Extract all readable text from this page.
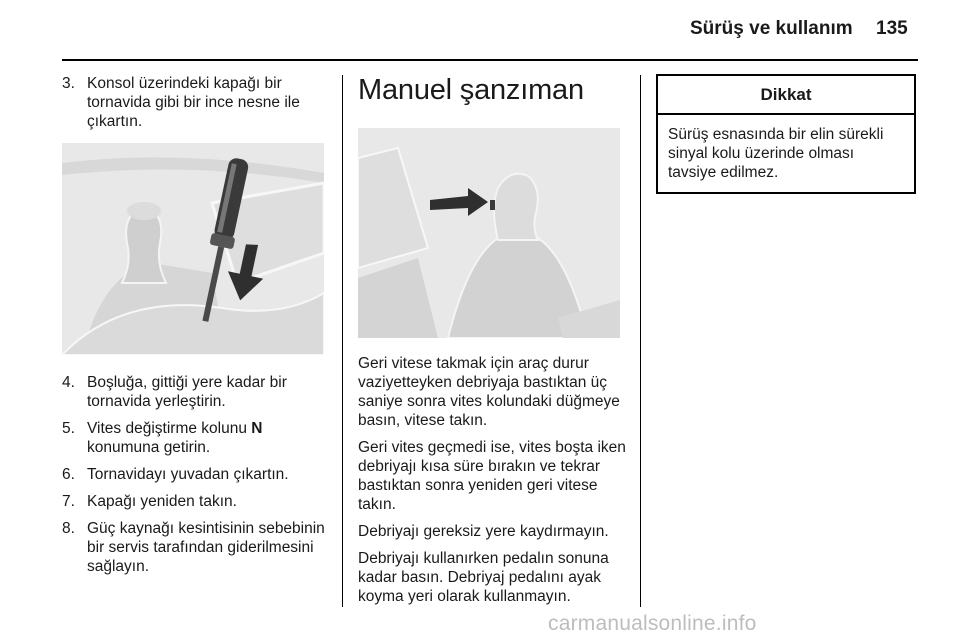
Sürüş ve kullanım 135
3. Konsol üzerindeki kapağı bir tornavida gibi bir ince nesne ile çıkartın.
4. Boşluğa, gittiği yere kadar bir tornavida yerleştirin.
5. Vites değiştirme kolunu N konumuna getirin.
6. Tornavidayı yuvadan çıkartın.
7. Kapağı yeniden takın.
8. Güç kaynağı kesintisinin sebebinin bir servis tarafından giderilmesini sağlayın.
Manuel şanzıman

Geri vitese takmak için araç durur vaziyetteyken debriyaja bastıktan üç saniye sonra vites kolundaki düğmeye basın, vitese takın.

Geri vites geçmedi ise, vites boşta iken debriyajı kısa süre bırakın ve tekrar bastıktan sonra yeniden geri vitese takın.

Debriyajı gereksiz yere kaydırmayın.

Debriyajı kullanırken pedalın sonuna kadar basın. Debriyaj pedalını ayak koyma yeri olarak kullanmayın.

Dikkat
Sürüş esnasında bir elin sürekli sinyal kolu üzerinde olması tavsiye edilmez.
carmanualsonline.info
